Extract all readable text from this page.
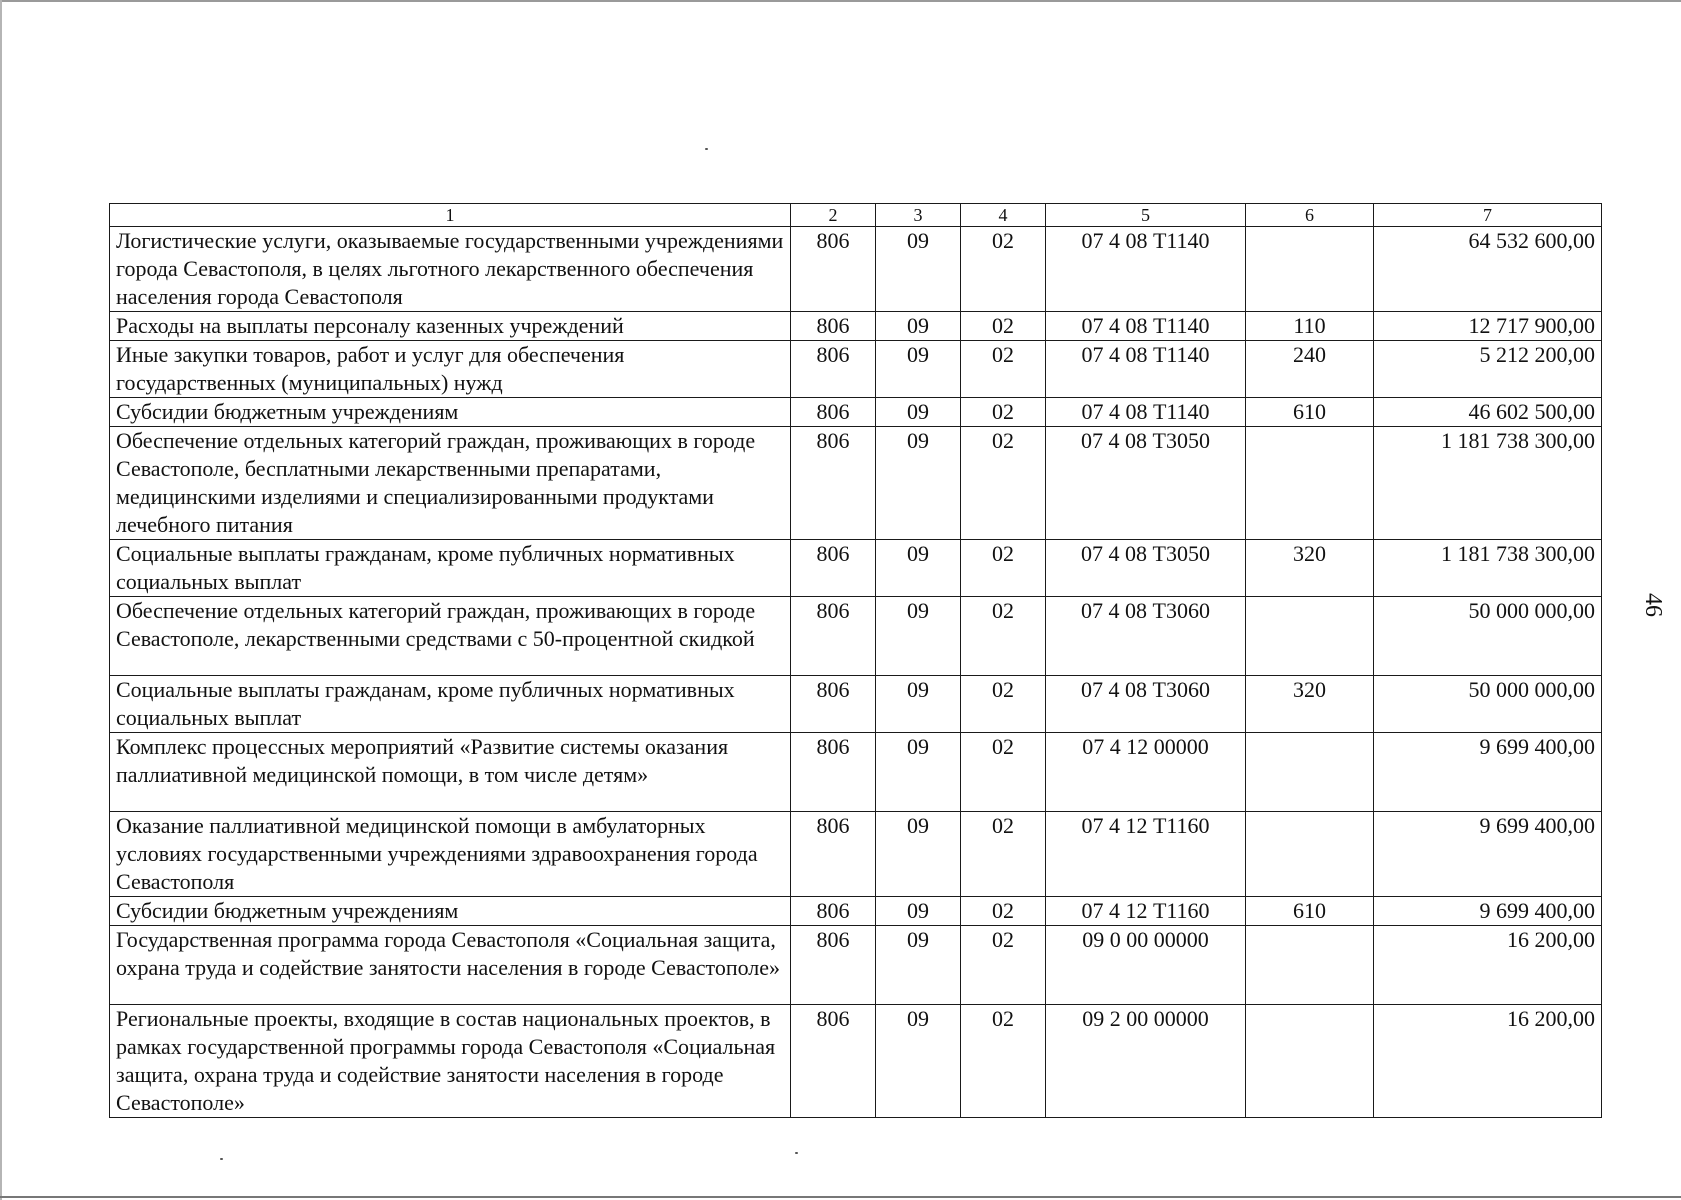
46
1	2	3	4	5	6	7
Логистические услуги, оказываемые государственными учреждениями города Севастополя, в целях льготного лекарственного обеспечения населения города Севастополя	806	09	02	07 4 08 Т1140		64 532 600,00
Расходы на выплаты персоналу казенных учреждений	806	09	02	07 4 08 Т1140	110	12 717 900,00
Иные закупки товаров, работ и услуг для обеспечения государственных (муниципальных) нужд	806	09	02	07 4 08 Т1140	240	5 212 200,00
Субсидии бюджетным учреждениям	806	09	02	07 4 08 Т1140	610	46 602 500,00
Обеспечение отдельных категорий граждан, проживающих в городе Севастополе, бесплатными лекарственными препаратами, медицинскими изделиями и специализированными продуктами лечебного питания	806	09	02	07 4 08 Т3050		1 181 738 300,00
Социальные выплаты гражданам, кроме публичных нормативных социальных выплат	806	09	02	07 4 08 Т3050	320	1 181 738 300,00
Обеспечение отдельных категорий граждан, проживающих в городе Севастополе, лекарственными средствами с 50-процентной скидкой	806	09	02	07 4 08 Т3060		50 000 000,00
Социальные выплаты гражданам, кроме публичных нормативных социальных выплат	806	09	02	07 4 08 Т3060	320	50 000 000,00
Комплекс процессных мероприятий «Развитие системы оказания паллиативной медицинской помощи, в том числе детям»	806	09	02	07 4 12 00000		9 699 400,00
Оказание паллиативной медицинской помощи в амбулаторных условиях государственными учреждениями здравоохранения города Севастополя	806	09	02	07 4 12 Т1160		9 699 400,00
Субсидии бюджетным учреждениям	806	09	02	07 4 12 Т1160	610	9 699 400,00
Государственная программа города Севастополя «Социальная защита, охрана труда и содействие занятости населения в городе Севастополе»	806	09	02	09 0 00 00000		16 200,00
Региональные проекты, входящие в состав национальных проектов, в рамках государственной программы города Севастополя «Социальная защита, охрана труда и содействие занятости населения в городе Севастополе»	806	09	02	09 2 00 00000		16 200,00
